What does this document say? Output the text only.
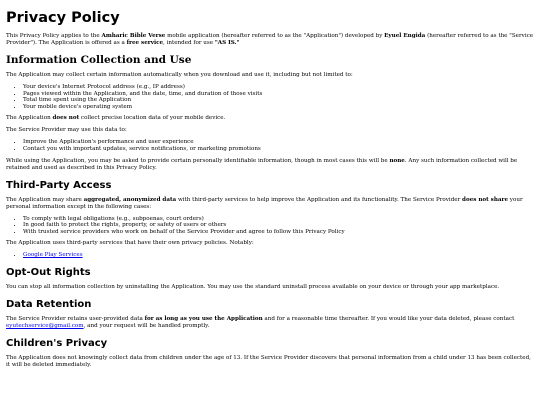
Privacy Policy

This Privacy Policy applies to the Amharic Bible Verse mobile application (hereafter referred to as the "Application") developed by Eyuel Engida (hereafter referred to as the "Service Provider"). The Application is offered as a free service, intended for use "AS IS."

Information Collection and Use

The Application may collect certain information automatically when you download and use it, including but not limited to:

• Your device's Internet Protocol address (e.g., IP address)
• Pages viewed within the Application, and the date, time, and duration of those visits
• Total time spent using the Application
• Your mobile device's operating system

The Application does not collect precise location data of your mobile device.

The Service Provider may use this data to:

• Improve the Application's performance and user experience
• Contact you with important updates, service notifications, or marketing promotions

While using the Application, you may be asked to provide certain personally identifiable information, though in most cases this will be none. Any such information collected will be retained and used as described in this Privacy Policy.

Third-Party Access

The Application may share aggregated, anonymized data with third-party services to help improve the Application and its functionality. The Service Provider does not share your personal information except in the following cases:

• To comply with legal obligations (e.g., subpoenas, court orders)
• In good faith to protect the rights, property, or safety of users or others
• With trusted service providers who work on behalf of the Service Provider and agree to follow this Privacy Policy

The Application uses third-party services that have their own privacy policies. Notably:

• Google Play Services
Opt-Out Rights

You can stop all information collection by uninstalling the Application. You may use the standard uninstall process available on your device or through your app marketplace.

Data Retention

The Service Provider retains user-provided data for as long as you use the Application and for a reasonable time thereafter. If you would like your data deleted, please contact eyutechservice@gmail.com, and your request will be handled promptly.

Children's Privacy

The Application does not knowingly collect data from children under the age of 13. If the Service Provider discovers that personal information from a child under 13 has been collected, it will be deleted immediately.
